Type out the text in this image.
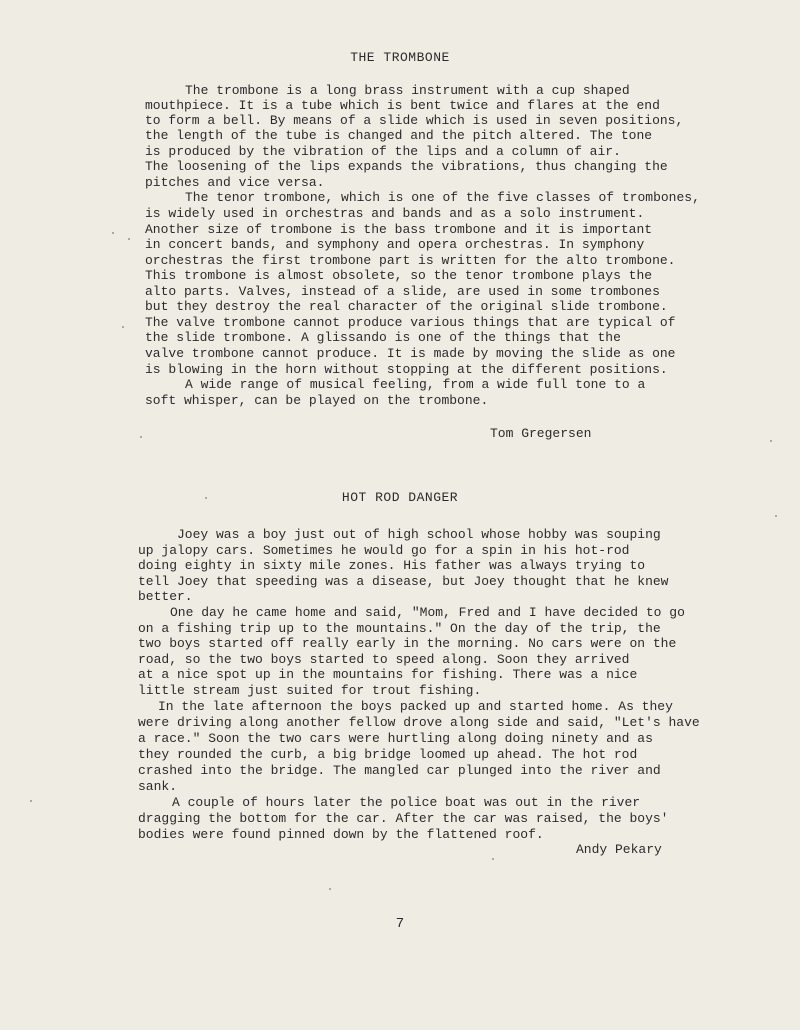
THE TROMBONE
The trombone is a long brass instrument with a cup shaped
mouthpiece. It is a tube which is bent twice and flares at the end
to form a bell. By means of a slide which is used in seven positions,
the length of the tube is changed and the pitch altered. The tone
is produced by the vibration of the lips and a column of air.
The loosening of the lips expands the vibrations, thus changing the
pitches and vice versa.
The tenor trombone, which is one of the five classes of trombones,
is widely used in orchestras and bands and as a solo instrument.
Another size of trombone is the bass trombone and it is important
in concert bands, and symphony and opera orchestras. In symphony
orchestras the first trombone part is written for the alto trombone.
This trombone is almost obsolete, so the tenor trombone plays the
alto parts. Valves, instead of a slide, are used in some trombones
but they destroy the real character of the original slide trombone.
The valve trombone cannot produce various things that are typical of
the slide trombone. A glissando is one of the things that the
valve trombone cannot produce. It is made by moving the slide as one
is blowing in the horn without stopping at the different positions.
A wide range of musical feeling, from a wide full tone to a
soft whisper, can be played on the trombone.
Tom Gregersen
HOT ROD DANGER
Joey was a boy just out of high school whose hobby was souping
up jalopy cars. Sometimes he would go for a spin in his hot-rod
doing eighty in sixty mile zones. His father was always trying to
tell Joey that speeding was a disease, but Joey thought that he knew
better.
One day he came home and said, "Mom, Fred and I have decided to go
on a fishing trip up to the mountains." On the day of the trip, the
two boys started off really early in the morning. No cars were on the
road, so the two boys started to speed along. Soon they arrived
at a nice spot up in the mountains for fishing. There was a nice
little stream just suited for trout fishing.
In the late afternoon the boys packed up and started home. As they
were driving along another fellow drove along side and said, "Let's have
a race." Soon the two cars were hurtling along doing ninety and as
they rounded the curb, a big bridge loomed up ahead. The hot rod
crashed into the bridge. The mangled car plunged into the river and
sank.
A couple of hours later the police boat was out in the river
dragging the bottom for the car. After the car was raised, the boys'
bodies were found pinned down by the flattened roof.
Andy Pekary
7
